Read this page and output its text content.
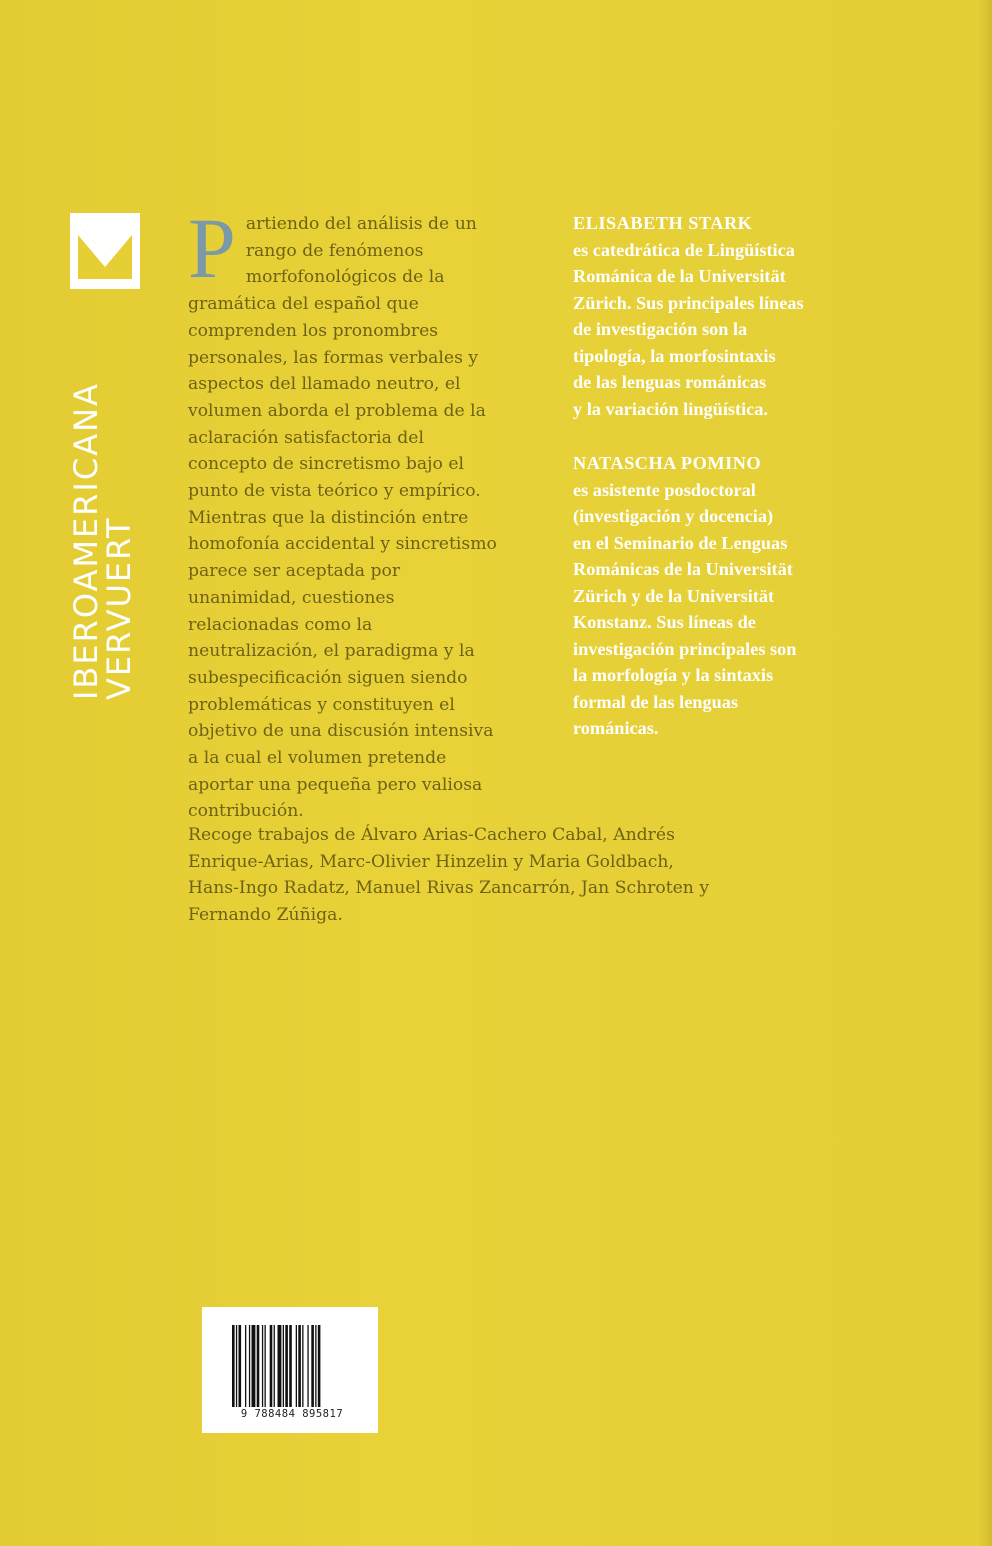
IBEROAMERICANA
VERVUERT
P artiendo del análisis de un
rango de fenómenos
morfofonológicos de la
gramática del español que
comprenden los pronombres
personales, las formas verbales y
aspectos del llamado neutro, el
volumen aborda el problema de la
aclaración satisfactoria del
concepto de sincretismo bajo el
punto de vista teórico y empírico.
Mientras que la distinción entre
homofonía accidental y sincretismo
parece ser aceptada por
unanimidad, cuestiones
relacionadas como la
neutralización, el paradigma y la
subespecificación siguen siendo
problemáticas y constituyen el
objetivo de una discusión intensiva
a la cual el volumen pretende
aportar una pequeña pero valiosa
contribución.
Recoge trabajos de Álvaro Arias-Cachero Cabal, Andrés
Enrique-Arias, Marc-Olivier Hinzelin y Maria Goldbach,
Hans-Ingo Radatz, Manuel Rivas Zancarrón, Jan Schroten y
Fernando Zúñiga.
ELISABETH STARK
es catedrática de Lingüística
Románica de la Universität
Zürich. Sus principales líneas
de investigación son la
tipología, la morfosintaxis
de las lenguas románicas
y la variación lingüística.
NATASCHA POMINO
es asistente posdoctoral
(investigación y docencia)
en el Seminario de Lenguas
Románicas de la Universität
Zürich y de la Universität
Konstanz. Sus líneas de
investigación principales son
la morfología y la sintaxis
formal de las lenguas
románicas.
9 788484 895817
